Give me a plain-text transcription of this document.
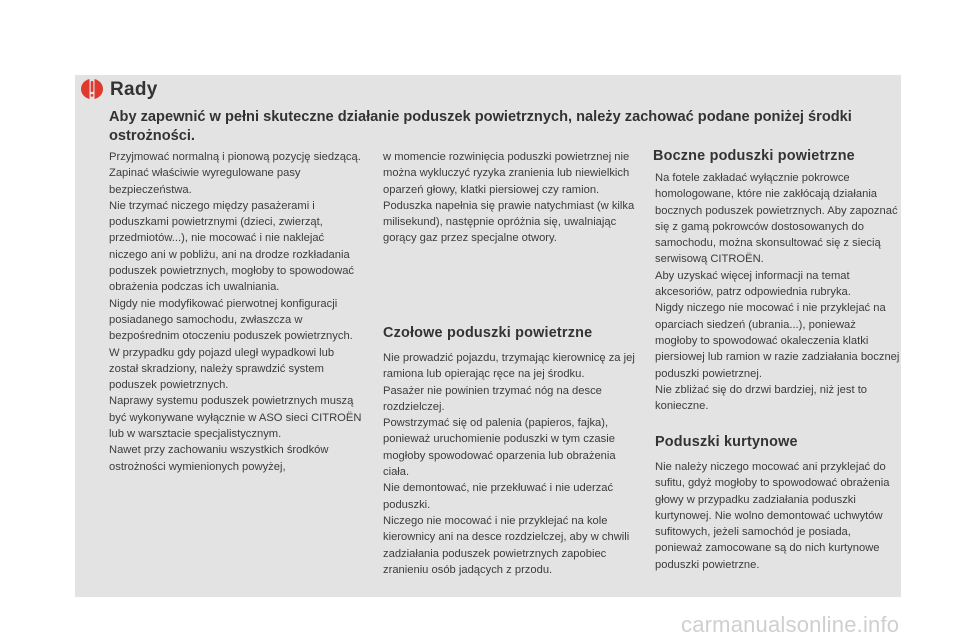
Rady
Aby zapewnić w pełni skuteczne działanie poduszek powietrznych, należy zachować podane poniżej środki ostrożności.

Przyjmować normalną i pionową pozycję siedzącą.

Zapinać właściwie wyregulowane pasy bezpieczeństwa.

Nie trzymać niczego między pasażerami i poduszkami powietrznymi (dzieci, zwierząt, przedmiotów...), nie mocować i nie naklejać niczego ani w pobliżu, ani na drodze rozkładania poduszek powietrznych, mogłoby to spowodować obrażenia podczas ich uwalniania.

Nigdy nie modyfikować pierwotnej konfiguracji posiadanego samochodu, zwłaszcza w bezpośrednim otoczeniu poduszek powietrznych.

W przypadku gdy pojazd uległ wypadkowi lub został skradziony, należy sprawdzić system poduszek powietrznych.

Naprawy systemu poduszek powietrznych muszą być wykonywane wyłącznie w ASO sieci CITROËN lub w warsztacie specjalistycznym.

Nawet przy zachowaniu wszystkich środków ostrożności wymienionych powyżej,

w momencie rozwinięcia poduszki powietrznej nie można wykluczyć ryzyka zranienia lub niewielkich oparzeń głowy, klatki piersiowej czy ramion. Poduszka napełnia się prawie natychmiast (w kilka milisekund), następnie opróżnia się, uwalniając gorący gaz przez specjalne otwory.

Czołowe poduszki powietrzne

Nie prowadzić pojazdu, trzymając kierownicę za jej ramiona lub opierając ręce na jej środku.

Pasażer nie powinien trzymać nóg na desce rozdzielczej.

Powstrzymać się od palenia (papieros, fajka), ponieważ uruchomienie poduszki w tym czasie mogłoby spowodować oparzenia lub obrażenia ciała.

Nie demontować, nie przekłuwać i nie uderzać poduszki.

Niczego nie mocować i nie przyklejać na kole kierownicy ani na desce rozdzielczej, aby w chwili zadziałania poduszek powietrznych zapobiec zranieniu osób jadących z przodu.

Boczne poduszki powietrzne

Na fotele zakładać wyłącznie pokrowce homologowane, które nie zakłócają działania bocznych poduszek powietrznych. Aby zapoznać się z gamą pokrowców dostosowanych do samochodu, można skonsultować się z siecią serwisową CITROËN.

Aby uzyskać więcej informacji na temat akcesoriów, patrz odpowiednia rubryka.

Nigdy niczego nie mocować i nie przyklejać na oparciach siedzeń (ubrania...), ponieważ mogłoby to spowodować okaleczenia klatki piersiowej lub ramion w razie zadziałania bocznej poduszki powietrznej.

Nie zbliżać się do drzwi bardziej, niż jest to konieczne.

Poduszki kurtynowe

Nie należy niczego mocować ani przyklejać do sufitu, gdyż mogłoby to spowodować obrażenia głowy w przypadku zadziałania poduszki kurtynowej. Nie wolno demontować uchwytów sufitowych, jeżeli samochód je posiada, ponieważ zamocowane są do nich kurtynowe poduszki powietrzne.

carmanualsonline.info
